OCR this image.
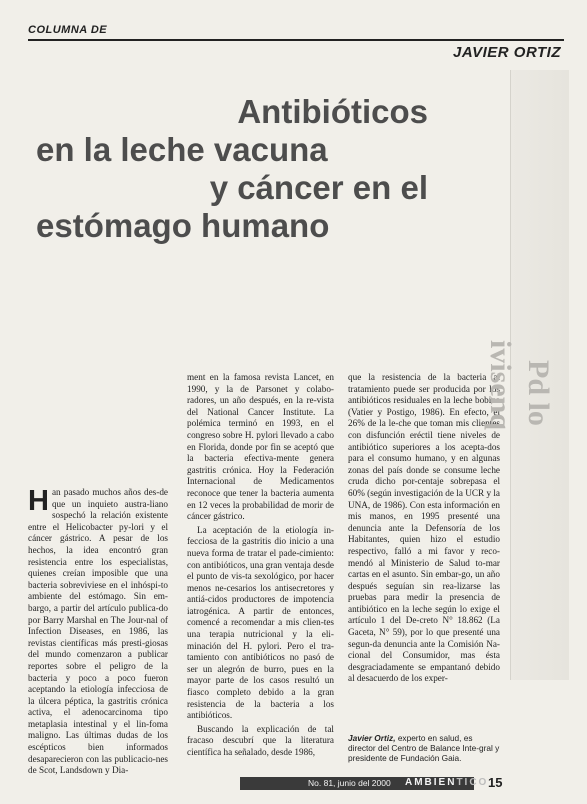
COLUMNA DE
JAVIER ORTIZ
Antibióticos
en la leche vacuna
y cáncer en el
estómago humano

Han pasado muchos años des-de que un inquieto austra-liano sospechó la relación existente entre el Helicobacter py-lori y el cáncer gástrico. A pesar de los hechos, la idea encontró gran resistencia entre los especialistas, quienes creían imposible que una bacteria sobreviviese en el inhóspi-to ambiente del estómago. Sin em-bargo, a partir del artículo publica-do por Barry Marshal en The Jour-nal of Infection Diseases, en 1986, las revistas científicas más presti-giosas del mundo comenzaron a publicar reportes sobre el peligro de la bacteria y poco a poco fueron aceptando la etiología infecciosa de la úlcera péptica, la gastritis crónica activa, el adenocarcinoma tipo metaplasia intestinal y el lin-foma maligno. Las últimas dudas de los escépticos bien informados desaparecieron con las publicacio-nes de Scot, Landsdown y Dia-

ment en la famosa revista Lancet, en 1990, y la de Parsonet y colabo-radores, un año después, en la re-vista del National Cancer Institute. La polémica terminó en 1993, en el congreso sobre H. pylori llevado a cabo en Florida, donde por fin se aceptó que la bacteria efectiva-mente genera gastritis crónica. Hoy la Federación Internacional de Medicamentos reconoce que tener la bacteria aumenta en 12 veces la probabilidad de morir de cáncer gástrico.

La aceptación de la etiología in-fecciosa de la gastritis dio inicio a una nueva forma de tratar el pade-cimiento: con antibióticos, una gran ventaja desde el punto de vis-ta sexológico, por hacer menos ne-cesarios los antisecretores y antiá-cidos productores de impotencia iatrogénica. A partir de entonces, comencé a recomendar a mis clien-tes una terapia nutricional y la eli-minación del H. pylori. Pero el tra-tamiento con antibióticos no pasó de ser un alegrón de burro, pues en la mayor parte de los casos resultó un fiasco completo debido a la gran resistencia de la bacteria a los antibióticos.

Buscando la explicación de tal fracaso descubrí que la literatura científica ha señalado, desde 1986,

que la resistencia de la bacteria al tratamiento puede ser producida por los antibióticos residuales en la leche bobina (Vatier y Postigo, 1986). En efecto, el 26% de la le-che que toman mis clientes con disfunción eréctil tiene niveles de antibiótico superiores a los acepta-dos para el consumo humano, y en algunas zonas del país donde se consume leche cruda dicho por-centaje sobrepasa el 60% (según investigación de la UCR y la UNA, de 1986). Con esta información en mis manos, en 1995 presenté una denuncia ante la Defensoría de los Habitantes, quien hizo el estudio respectivo, falló a mi favor y reco-mendó al Ministerio de Salud to-mar cartas en el asunto. Sin embar-go, un año después seguían sin rea-lizarse las pruebas para medir la presencia de antibiótico en la leche según lo exige el artículo 1 del De-creto N° 18.862 (La Gaceta, N° 59), por lo que presenté una segun-da denuncia ante la Comisión Na-cional del Consumidor, mas ésta desgraciadamente se empantanó debido al desacuerdo de los exper-

Javier Ortiz, experto en salud, es director del Centro de Balance Inte-gral y presidente de Fundación Gaia.
ivisenq Pd lo
No. 81, junio del 2000 AMBIENTICO 15
